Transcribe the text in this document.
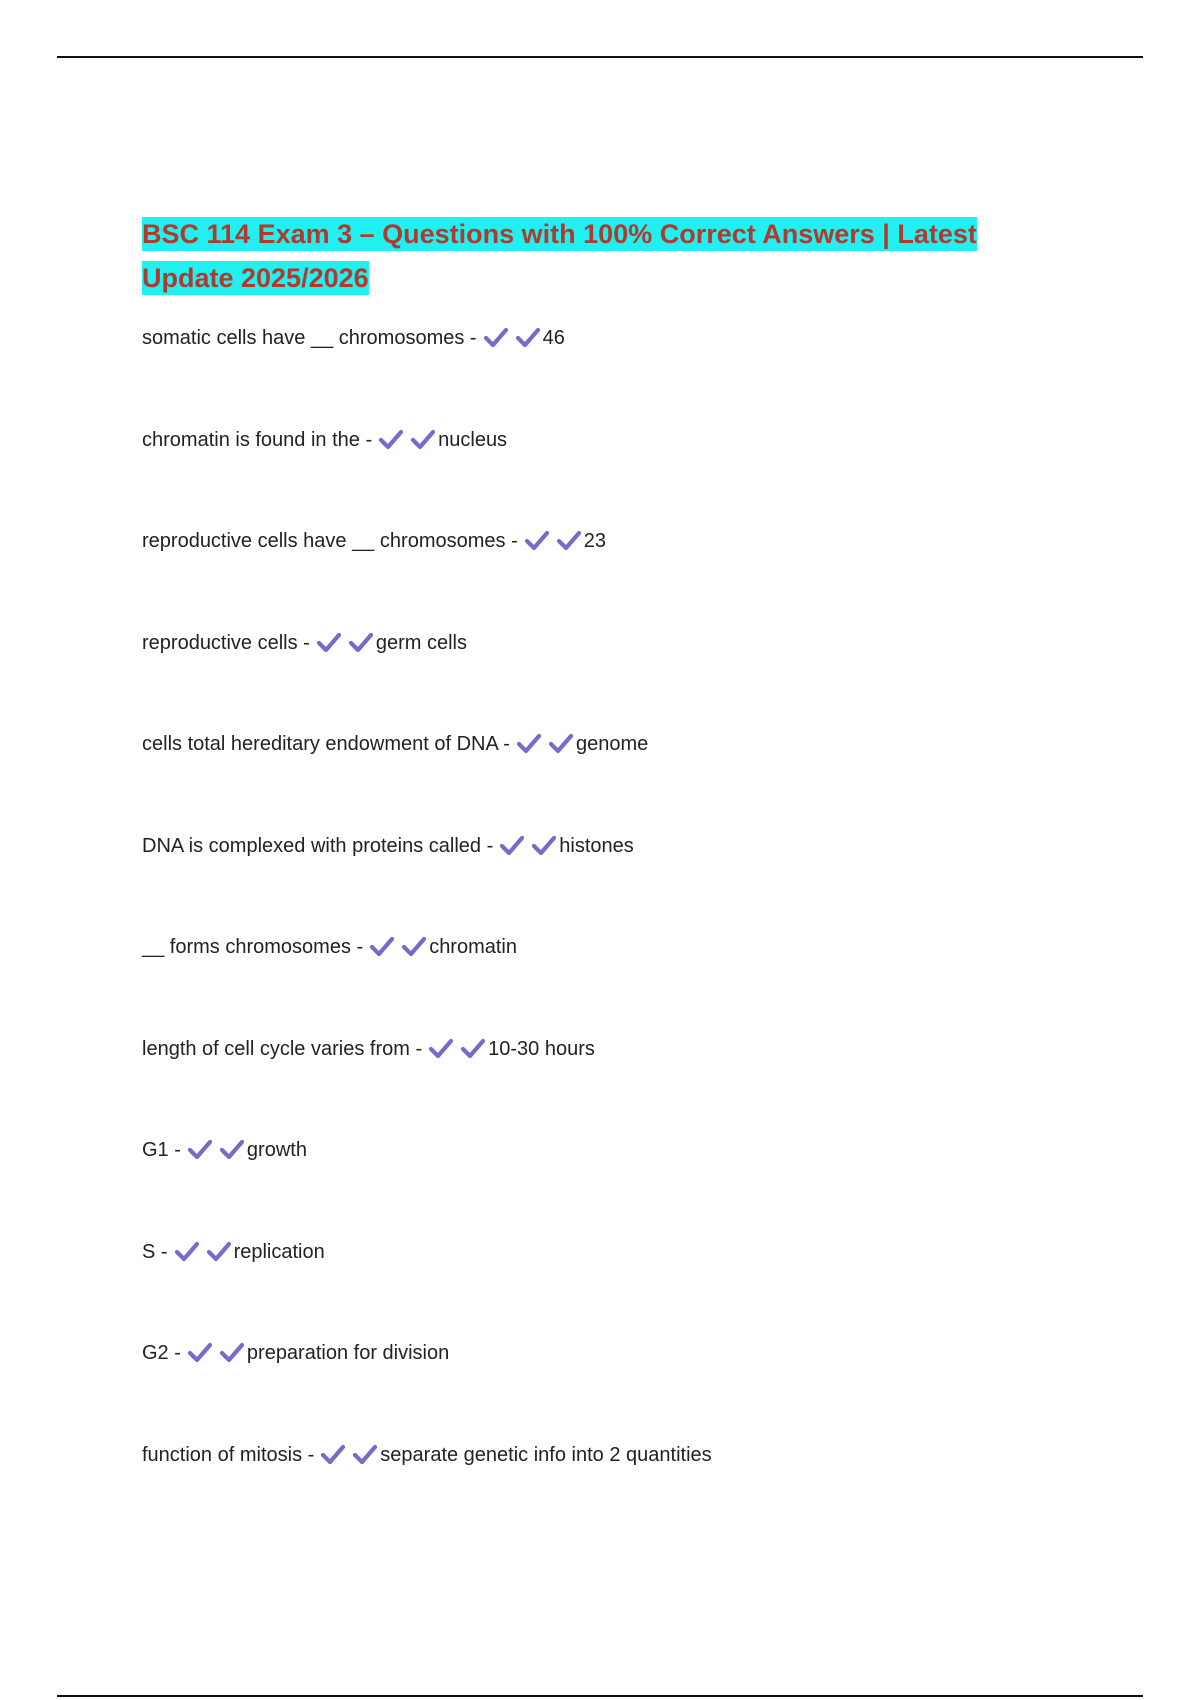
BSC 114 Exam 3 – Questions with 100% Correct Answers | Latest
Update 2025/2026
somatic cells have __ chromosomes -	46
chromatin is found in the -	nucleus
reproductive cells have __ chromosomes -	23
reproductive cells -	germ cells
cells total hereditary endowment of DNA -	genome
DNA is complexed with proteins called -	histones
__ forms chromosomes -	chromatin
length of cell cycle varies from -	10-30 hours
G1 -	growth
S -	replication
G2 -	preparation for division
function of mitosis -	separate genetic info into 2 quantities
